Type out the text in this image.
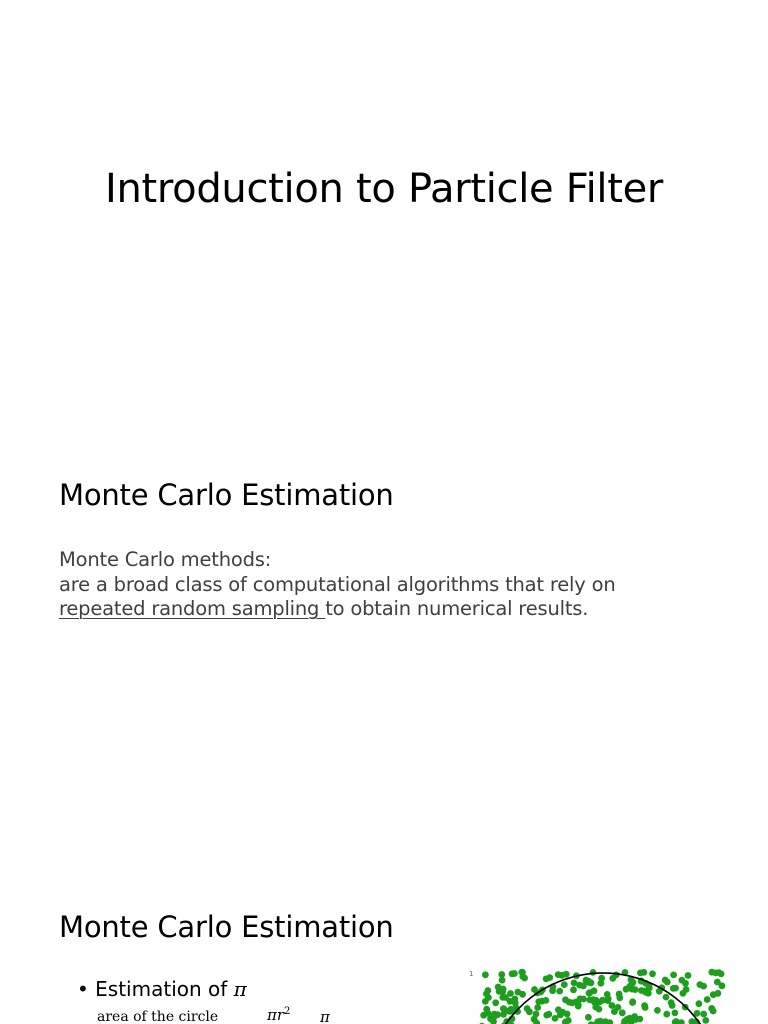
Introduction to Particle Filter
Monte Carlo Estimation
Monte Carlo methods:
are a broad class of computational algorithms that rely on
repeated random sampling to obtain numerical results.
Monte Carlo Estimation
• Estimation of π
area of the circle	$\pi r^2$ π
1
